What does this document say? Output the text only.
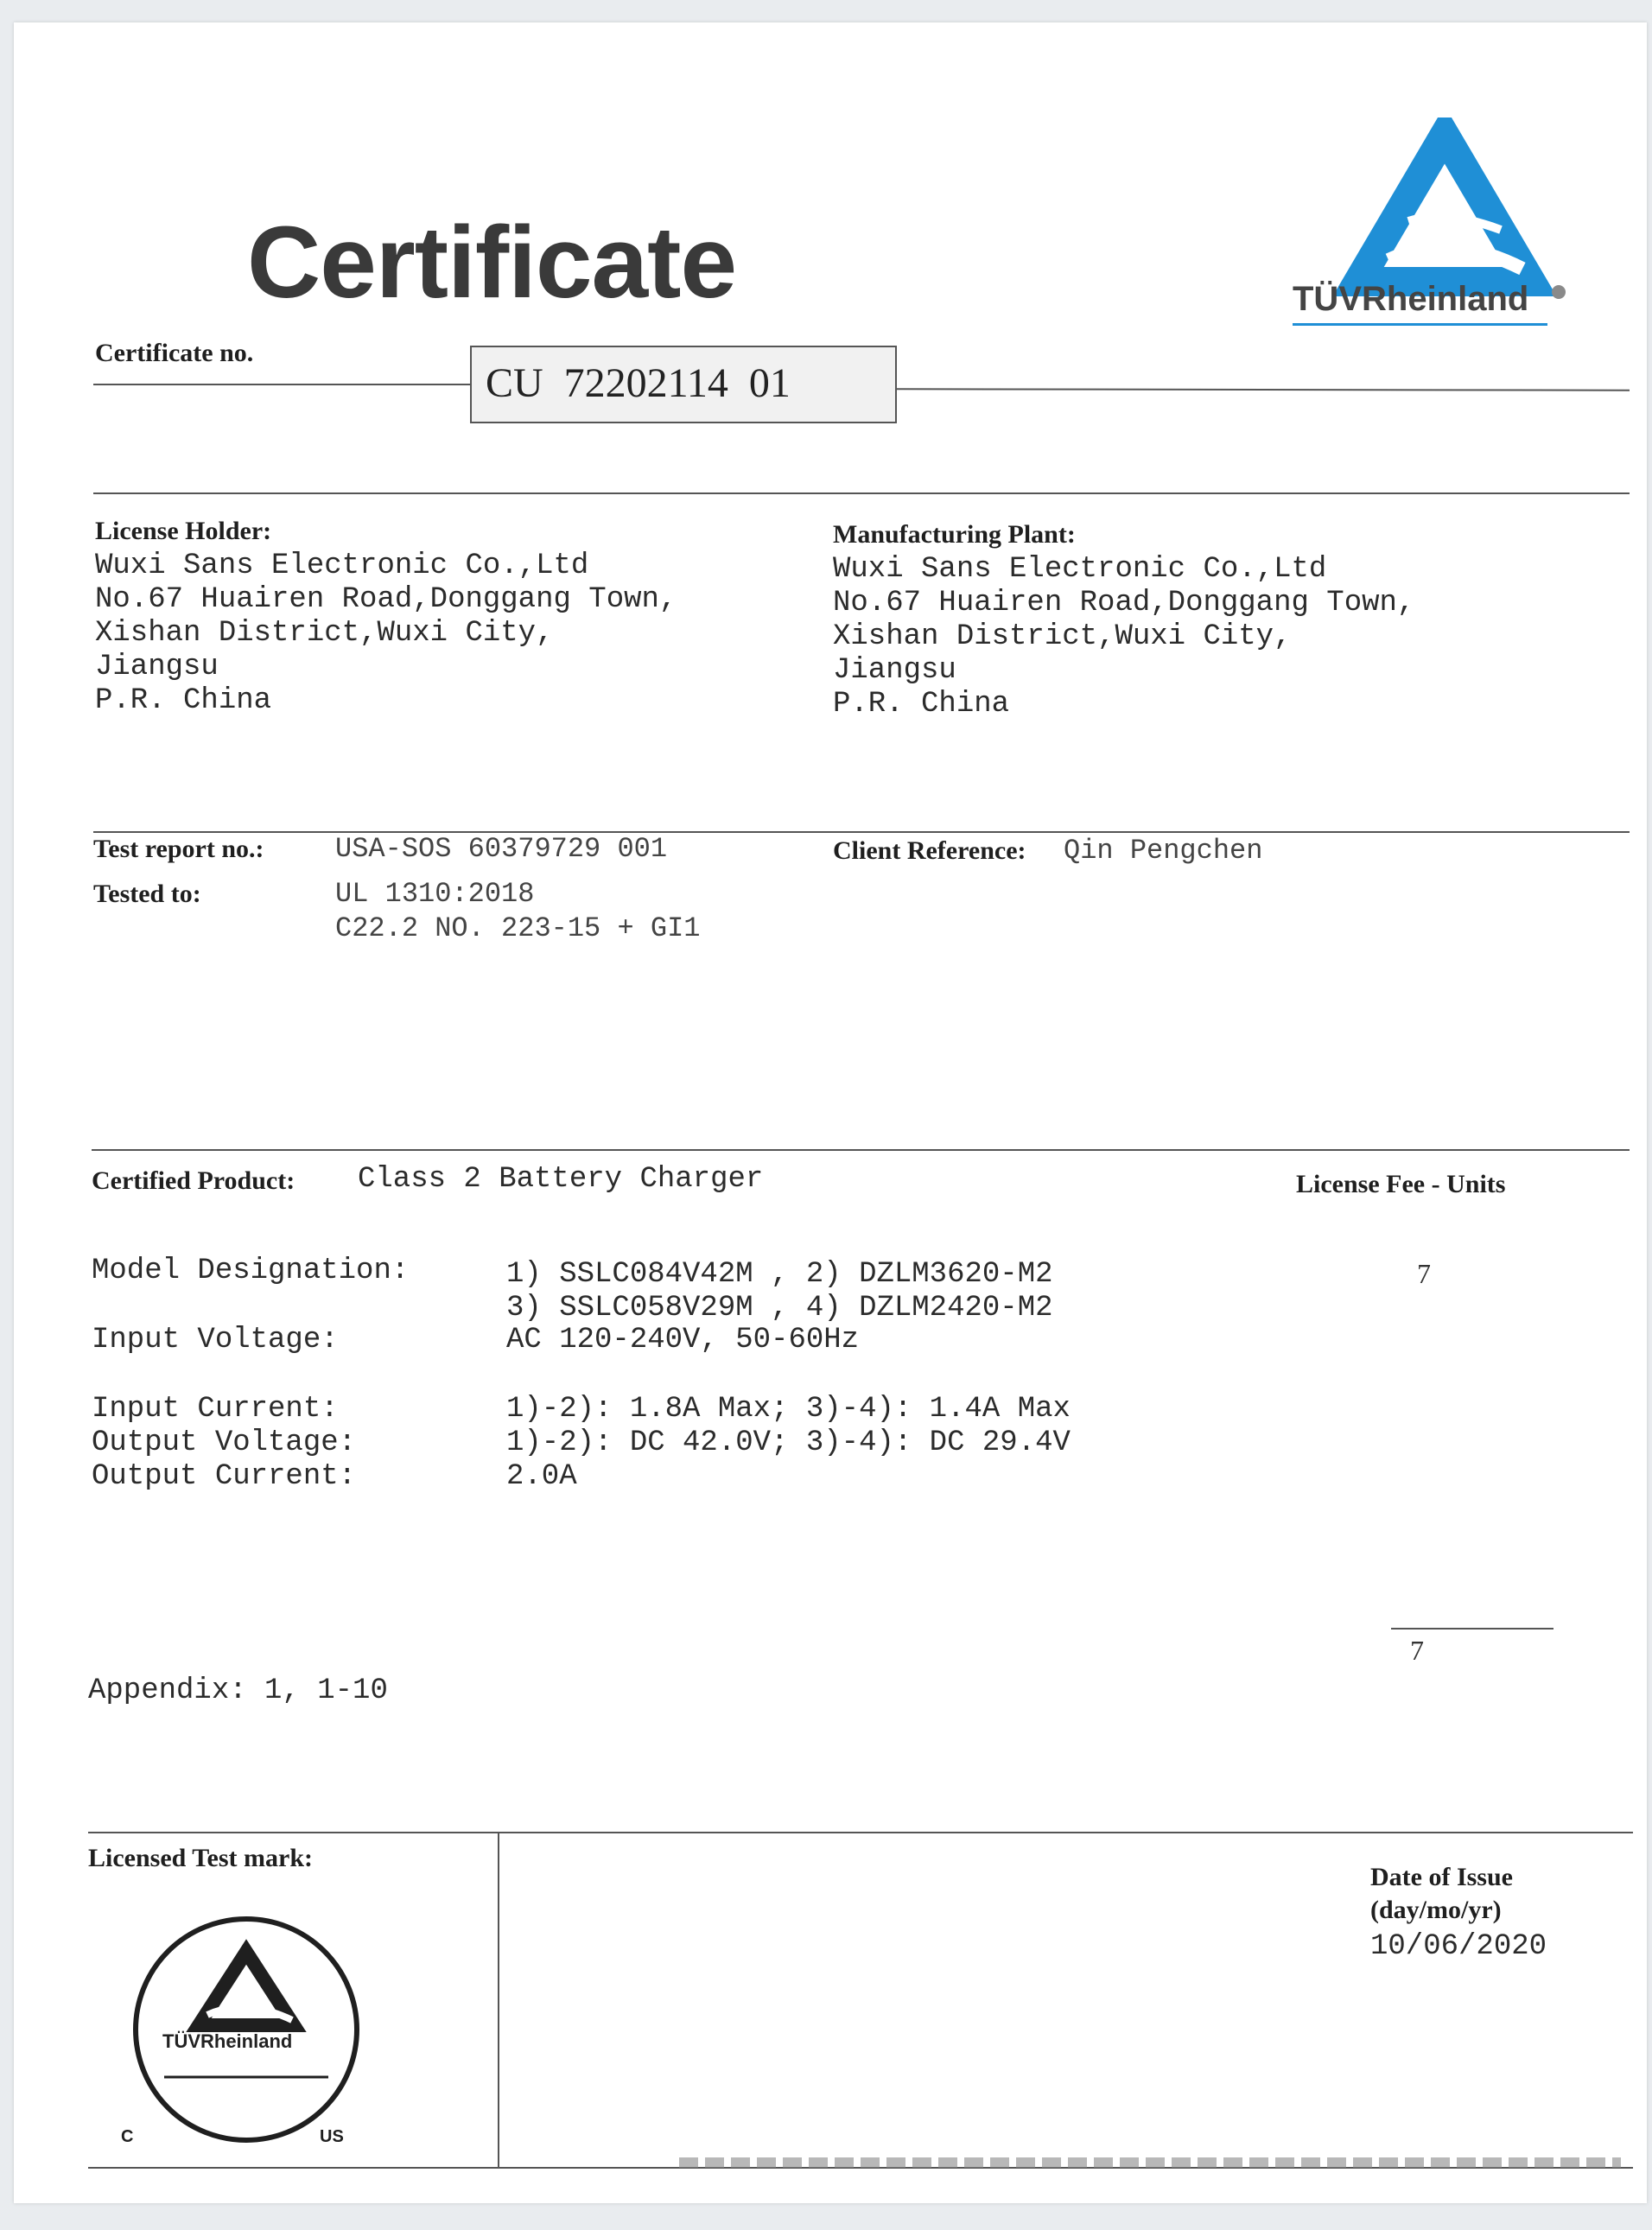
Certificate

	TÜVRheinland

Certificate no.
CU  72202114  01
License Holder:
Wuxi Sans Electronic Co.,Ltd
No.67 Huairen Road,Donggang Town,
Xishan District,Wuxi City,
Jiangsu
P.R. China
Manufacturing Plant:
Wuxi Sans Electronic Co.,Ltd
No.67 Huairen Road,Donggang Town,
Xishan District,Wuxi City,
Jiangsu
P.R. China
Test report no.:	USA-SOS 60379729 001	Client Reference: Qin Pengchen
Tested to:	UL 1310:2018
C22.2 NO. 223-15 + GI1
Certified Product: Class 2 Battery Charger	License Fee - Units
Model Designation:	1) SSLC084V42M , 2) DZLM3620-M2
3) SSLC058V29M , 4) DZLM2420-M2
7
Input Voltage:	AC 120-240V, 50-60Hz
Input Current:	1)-2): 1.8A Max; 3)-4): 1.4A Max
Output Voltage:	1)-2): DC 42.0V; 3)-4): DC 29.4V
Output Current:	2.0A
7
Appendix: 1, 1-10
Licensed Test mark:

TÜVRheinland

C

	US

Date of Issue
(day/mo/yr)
10/06/2020
